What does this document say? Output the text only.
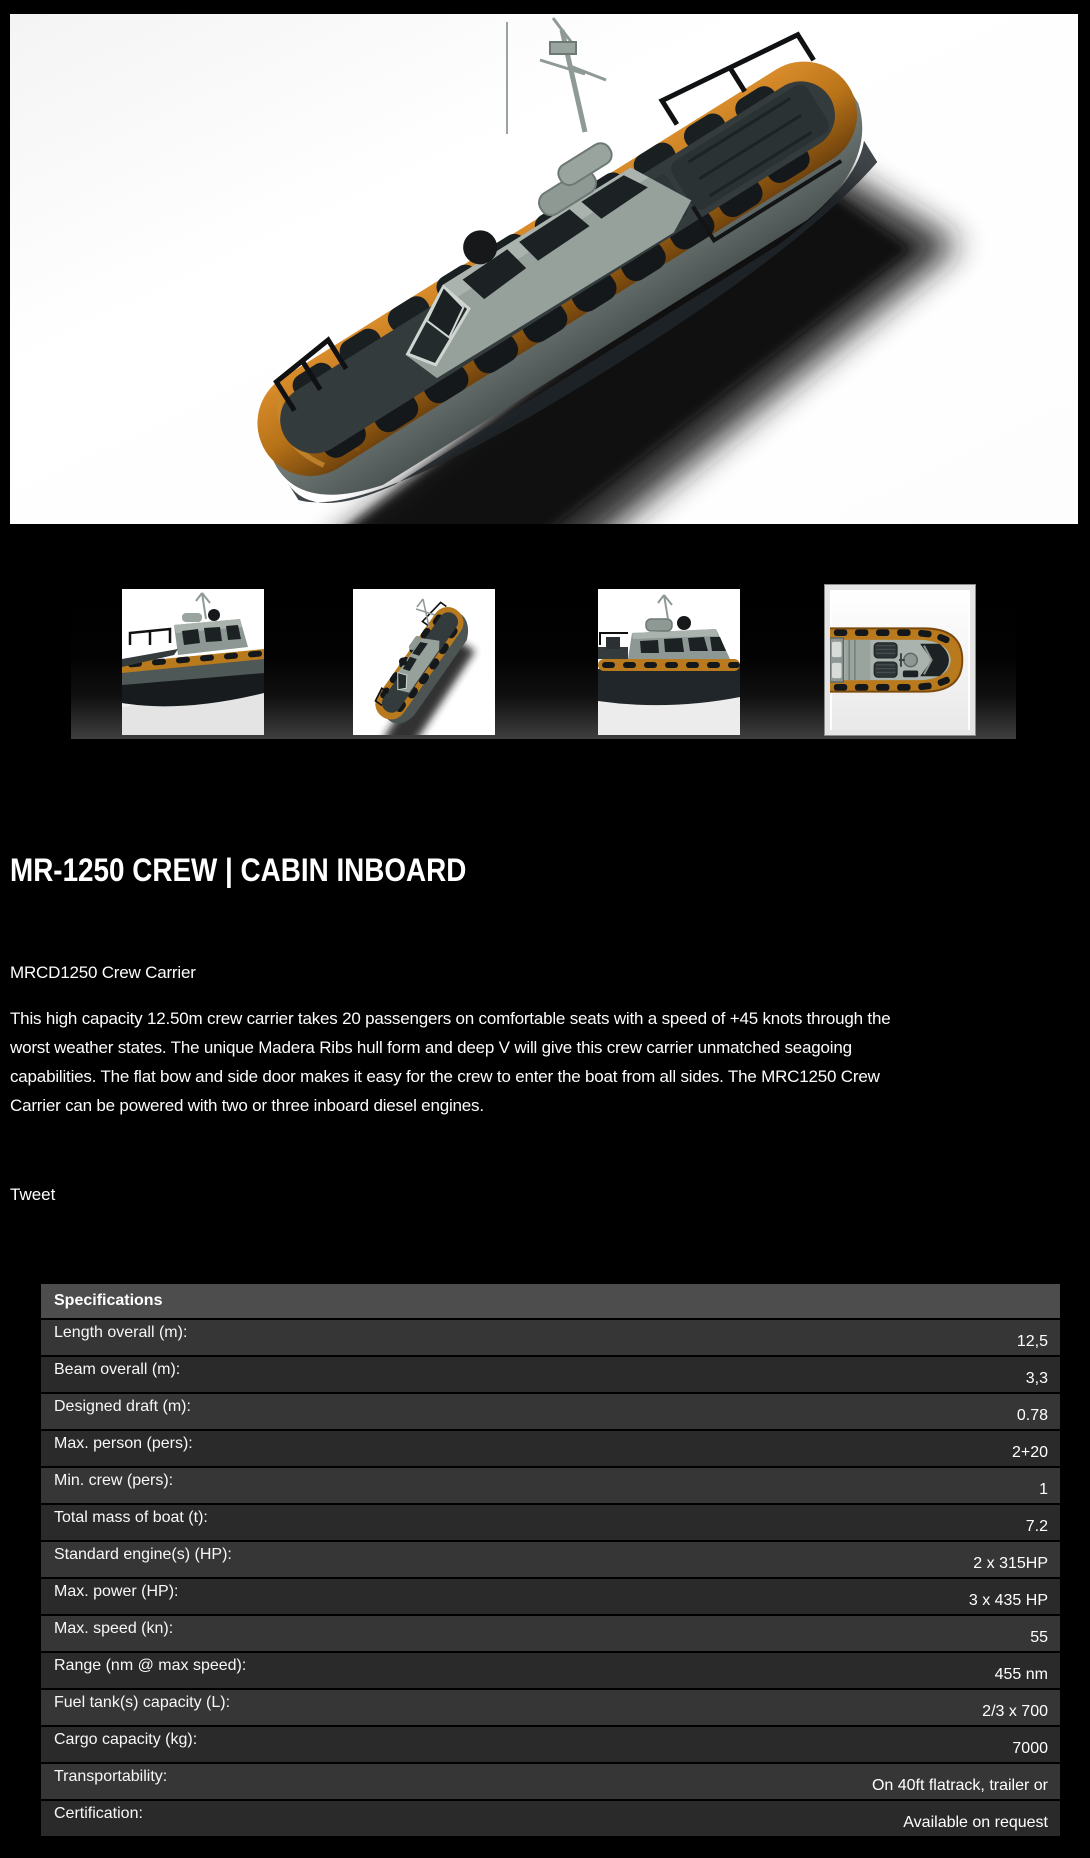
MR-1250 CREW | CABIN INBOARD
MRCD1250 Crew Carrier
This high capacity 12.50m crew carrier takes 20 passengers on comfortable seats with a speed of +45 knots through the
worst weather states. The unique Madera Ribs hull form and deep V will give this crew carrier unmatched seagoing
capabilities. The flat bow and side door makes it easy for the crew to enter the boat from all sides. The MRC1250 Crew
Carrier can be powered with two or three inboard diesel engines.
Tweet
Specifications
Length overall (m):
12,5
Beam overall (m):
3,3
Designed draft (m):
0.78
Max. person (pers):
2+20
Min. crew (pers):
1
Total mass of boat (t):
7.2
Standard engine(s) (HP):
2 x 315HP
Max. power (HP):
3 x 435 HP
Max. speed (kn):
55
Range (nm @ max speed):
455 nm
Fuel tank(s) capacity (L):
2/3 x 700
Cargo capacity (kg):
7000
Transportability:
On 40ft flatrack, trailer or
Certification:
Available on request
